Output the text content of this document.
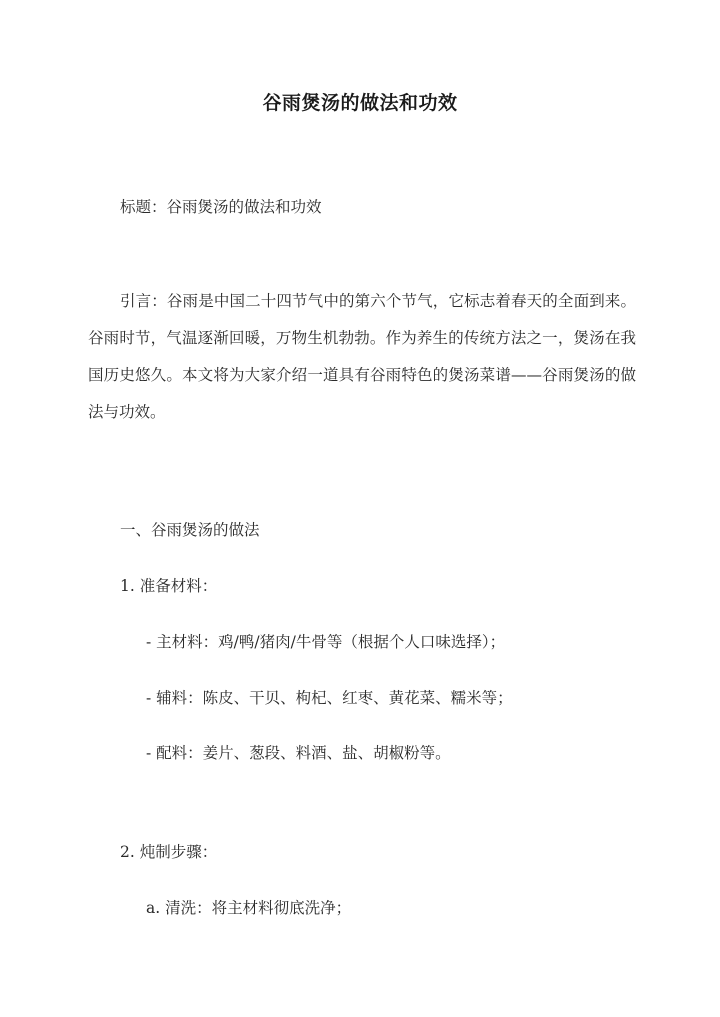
谷雨煲汤的做法和功效
标题：谷雨煲汤的做法和功效
引言：谷雨是中国二十四节气中的第六个节气，它标志着春天的全面到来。谷雨时节，气温逐渐回暖，万物生机勃勃。作为养生的传统方法之一，煲汤在我国历史悠久。本文将为大家介绍一道具有谷雨特色的煲汤菜谱——谷雨煲汤的做法与功效。
一、谷雨煲汤的做法
1. 准备材料：
- 主材料：鸡/鸭/猪肉/牛骨等（根据个人口味选择）；
- 辅料：陈皮、干贝、枸杞、红枣、黄花菜、糯米等；
- 配料：姜片、葱段、料酒、盐、胡椒粉等。
2. 炖制步骤：
a. 清洗：将主材料彻底洗净；
